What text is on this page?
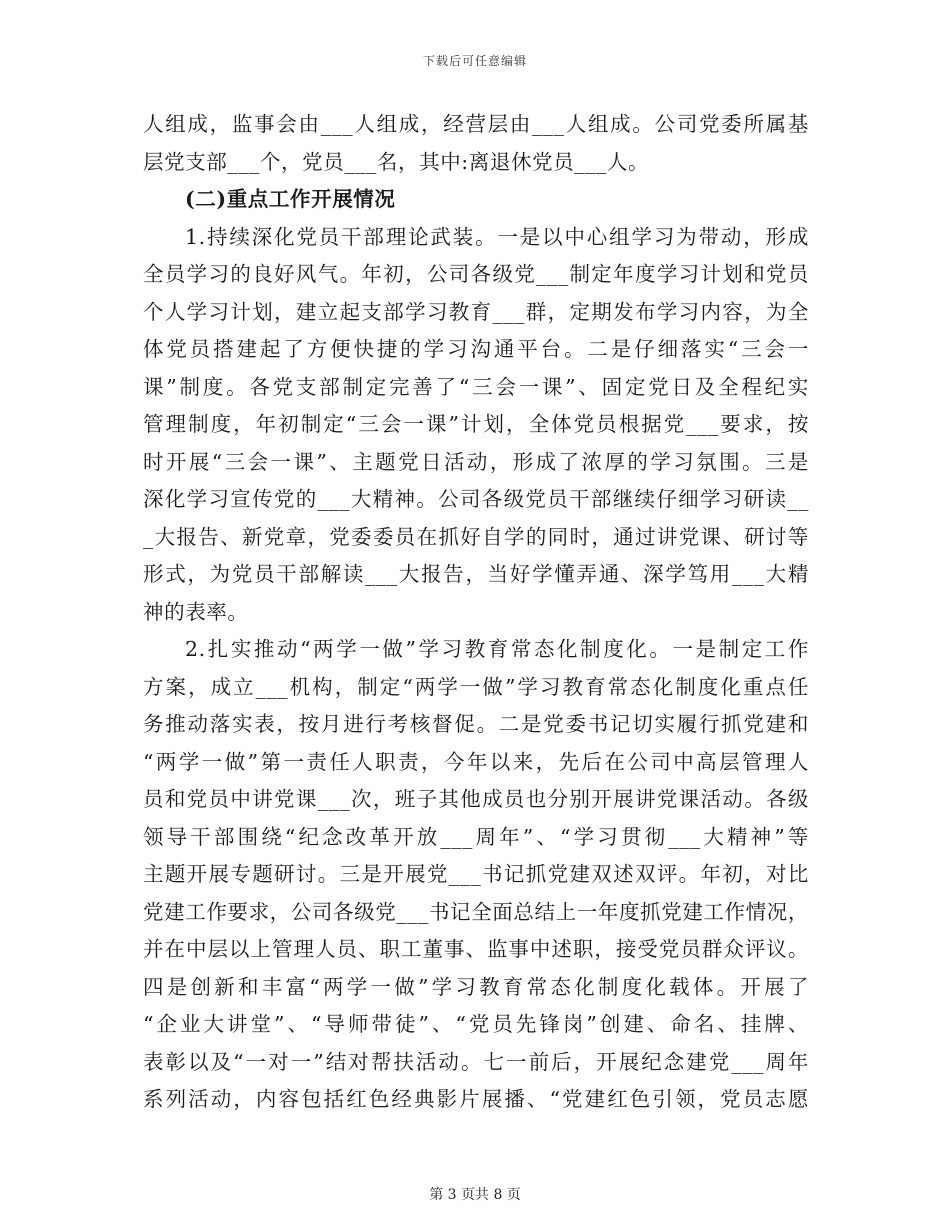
下载后可任意编辑
人组成，监事会由___人组成，经营层由___人组成。公司党委所属基
层党支部___个，党员___名，其中:离退休党员___人。
(二)重点工作开展情况
1.持续深化党员干部理论武装。一是以中心组学习为带动，形成
全员学习的良好风气。年初，公司各级党___制定年度学习计划和党员
个人学习计划，建立起支部学习教育___群，定期发布学习内容，为全
体党员搭建起了方便快捷的学习沟通平台。二是仔细落实“三会一
课”制度。各党支部制定完善了“三会一课”、固定党日及全程纪实
管理制度，年初制定“三会一课”计划，全体党员根据党___要求，按
时开展“三会一课”、主题党日活动，形成了浓厚的学习氛围。三是
深化学习宣传党的___大精神。公司各级党员干部继续仔细学习研读__
_大报告、新党章，党委委员在抓好自学的同时，通过讲党课、研讨等
形式，为党员干部解读___大报告，当好学懂弄通、深学笃用___大精
神的表率。
2.扎实推动“两学一做”学习教育常态化制度化。一是制定工作
方案，成立___机构，制定“两学一做”学习教育常态化制度化重点任
务推动落实表，按月进行考核督促。二是党委书记切实履行抓党建和
“两学一做”第一责任人职责，今年以来，先后在公司中高层管理人
员和党员中讲党课___次，班子其他成员也分别开展讲党课活动。各级
领导干部围绕“纪念改革开放___周年”、“学习贯彻___大精神”等
主题开展专题研讨。三是开展党___书记抓党建双述双评。年初，对比
党建工作要求，公司各级党___书记全面总结上一年度抓党建工作情况，
并在中层以上管理人员、职工董事、监事中述职，接受党员群众评议。
四是创新和丰富“两学一做”学习教育常态化制度化载体。开展了
“企业大讲堂”、“导师带徒”、“党员先锋岗”创建、命名、挂牌、
表彰以及“一对一”结对帮扶活动。七一前后，开展纪念建党___周年
系列活动，内容包括红色经典影片展播、“党建红色引领，党员志愿
第 3 页共 8 页
